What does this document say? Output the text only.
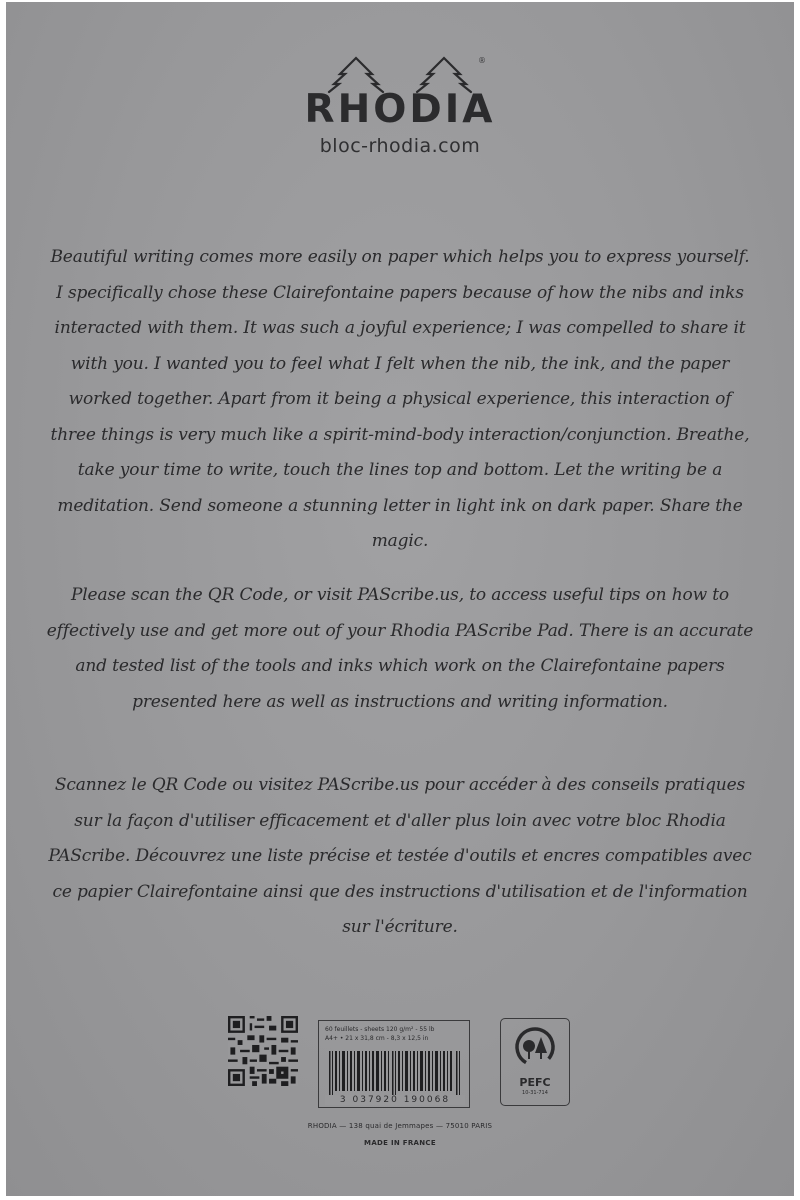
RHODIA
bloc-rhodia.com
®

Beautiful writing comes more easily on paper which helps you to express yourself. I specifically chose these Clairefontaine papers because of how the nibs and inks interacted with them. It was such a joyful experience; I was compelled to share it with you. I wanted you to feel what I felt when the nib, the ink, and the paper worked together. Apart from it being a physical experience, this interaction of three things is very much like a spirit-mind-body interaction/conjunction. Breathe, take your time to write, touch the lines top and bottom. Let the writing be a meditation. Send someone a stunning letter in light ink on dark paper. Share the magic.

Please scan the QR Code, or visit PAScribe.us, to access useful tips on how to effectively use and get more out of your Rhodia PAScribe Pad. There is an accurate and tested list of the tools and inks which work on the Clairefontaine papers presented here as well as instructions and writing information.

Scannez le QR Code ou visitez PAScribe.us pour accéder à des conseils pratiques sur la façon d'utiliser efficacement et d'aller plus loin avec votre bloc Rhodia PAScribe. Découvrez une liste précise et testée d'outils et encres compatibles avec ce papier Clairefontaine ainsi que des instructions d'utilisation et de l'information sur l'écriture.

60 feuillets - sheets 120 g/m² - 55 lb
A4+ • 21 x 31,8 cm - 8,3 x 12,5 in
3 037920 190068
PEFC
10-31-714
RHODIA — 138 quai de Jemmapes — 75010 PARIS
MADE IN FRANCE
